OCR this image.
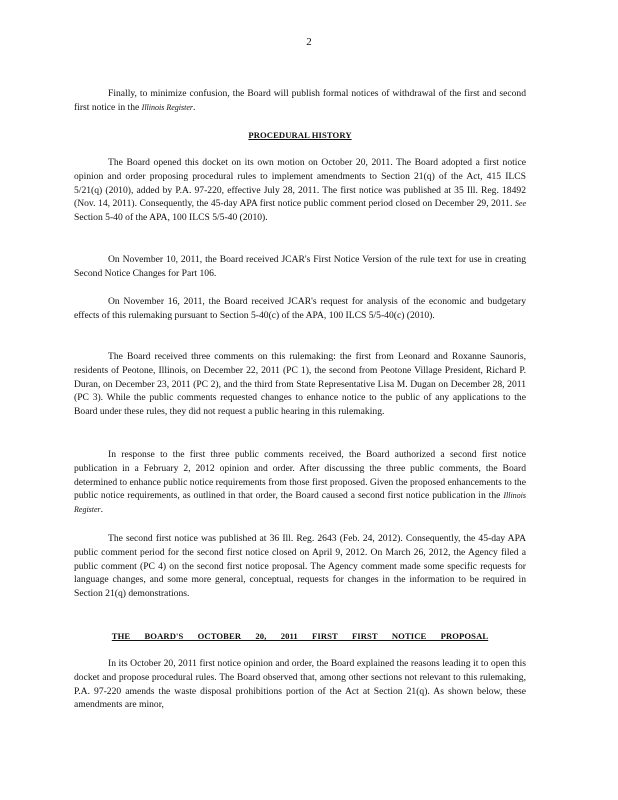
2
Finally, to minimize confusion, the Board will publish formal notices of withdrawal of the first and second first notice in the Illinois Register.
PROCEDURAL HISTORY
The Board opened this docket on its own motion on October 20, 2011. The Board adopted a first notice opinion and order proposing procedural rules to implement amendments to Section 21(q) of the Act, 415 ILCS 5/21(q) (2010), added by P.A. 97-220, effective July 28, 2011. The first notice was published at 35 Ill. Reg. 18492 (Nov. 14, 2011). Consequently, the 45-day APA first notice public comment period closed on December 29, 2011. See Section 5-40 of the APA, 100 ILCS 5/5-40 (2010).
On November 10, 2011, the Board received JCAR's First Notice Version of the rule text for use in creating Second Notice Changes for Part 106.
On November 16, 2011, the Board received JCAR's request for analysis of the economic and budgetary effects of this rulemaking pursuant to Section 5-40(c) of the APA, 100 ILCS 5/5-40(c) (2010).
The Board received three comments on this rulemaking: the first from Leonard and Roxanne Saunoris, residents of Peotone, Illinois, on December 22, 2011 (PC 1), the second from Peotone Village President, Richard P. Duran, on December 23, 2011 (PC 2), and the third from State Representative Lisa M. Dugan on December 28, 2011 (PC 3). While the public comments requested changes to enhance notice to the public of any applications to the Board under these rules, they did not request a public hearing in this rulemaking.
In response to the first three public comments received, the Board authorized a second first notice publication in a February 2, 2012 opinion and order. After discussing the three public comments, the Board determined to enhance public notice requirements from those first proposed. Given the proposed enhancements to the public notice requirements, as outlined in that order, the Board caused a second first notice publication in the Illinois Register.
The second first notice was published at 36 Ill. Reg. 2643 (Feb. 24, 2012). Consequently, the 45-day APA public comment period for the second first notice closed on April 9, 2012. On March 26, 2012, the Agency filed a public comment (PC 4) on the second first notice proposal. The Agency comment made some specific requests for language changes, and some more general, conceptual, requests for changes in the information to be required in Section 21(q) demonstrations.
THE BOARD'S OCTOBER 20, 2011 FIRST FIRST NOTICE PROPOSAL
In its October 20, 2011 first notice opinion and order, the Board explained the reasons leading it to open this docket and propose procedural rules. The Board observed that, among other sections not relevant to this rulemaking, P.A. 97-220 amends the waste disposal prohibitions portion of the Act at Section 21(q). As shown below, these amendments are minor,
